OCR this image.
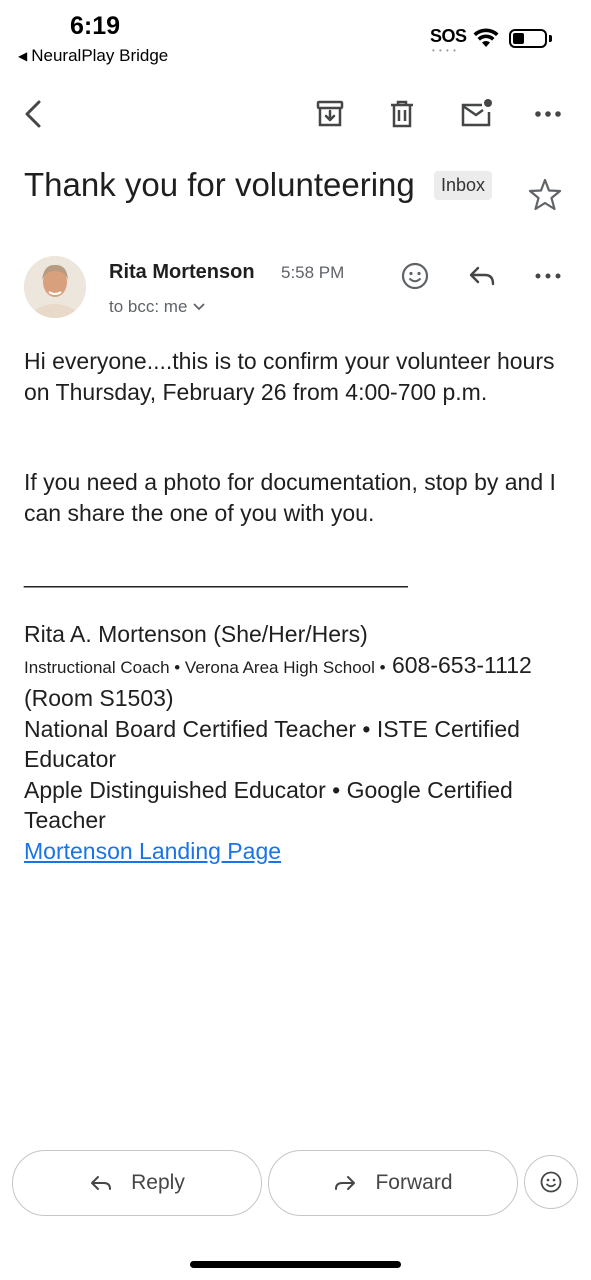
6:19
◀ NeuralPlay Bridge
SOS
• • • •
Thank you for volunteering	Inbox
Rita Mortenson 5:58 PM
to bcc: me
Hi everyone....this is to confirm your volunteer hours on Thursday, February 26 from 4:00-700 p.m.
If you need a photo for documentation, stop by and I can share the one of you with you.
______________________________
Rita A. Mortenson (She/Her/Hers)
Instructional Coach • Verona Area High School • 608-653-1112 (Room S1503)
National Board Certified Teacher • ISTE Certified Educator
Apple Distinguished Educator • Google Certified Teacher
Mortenson Landing Page
Reply	Forward
